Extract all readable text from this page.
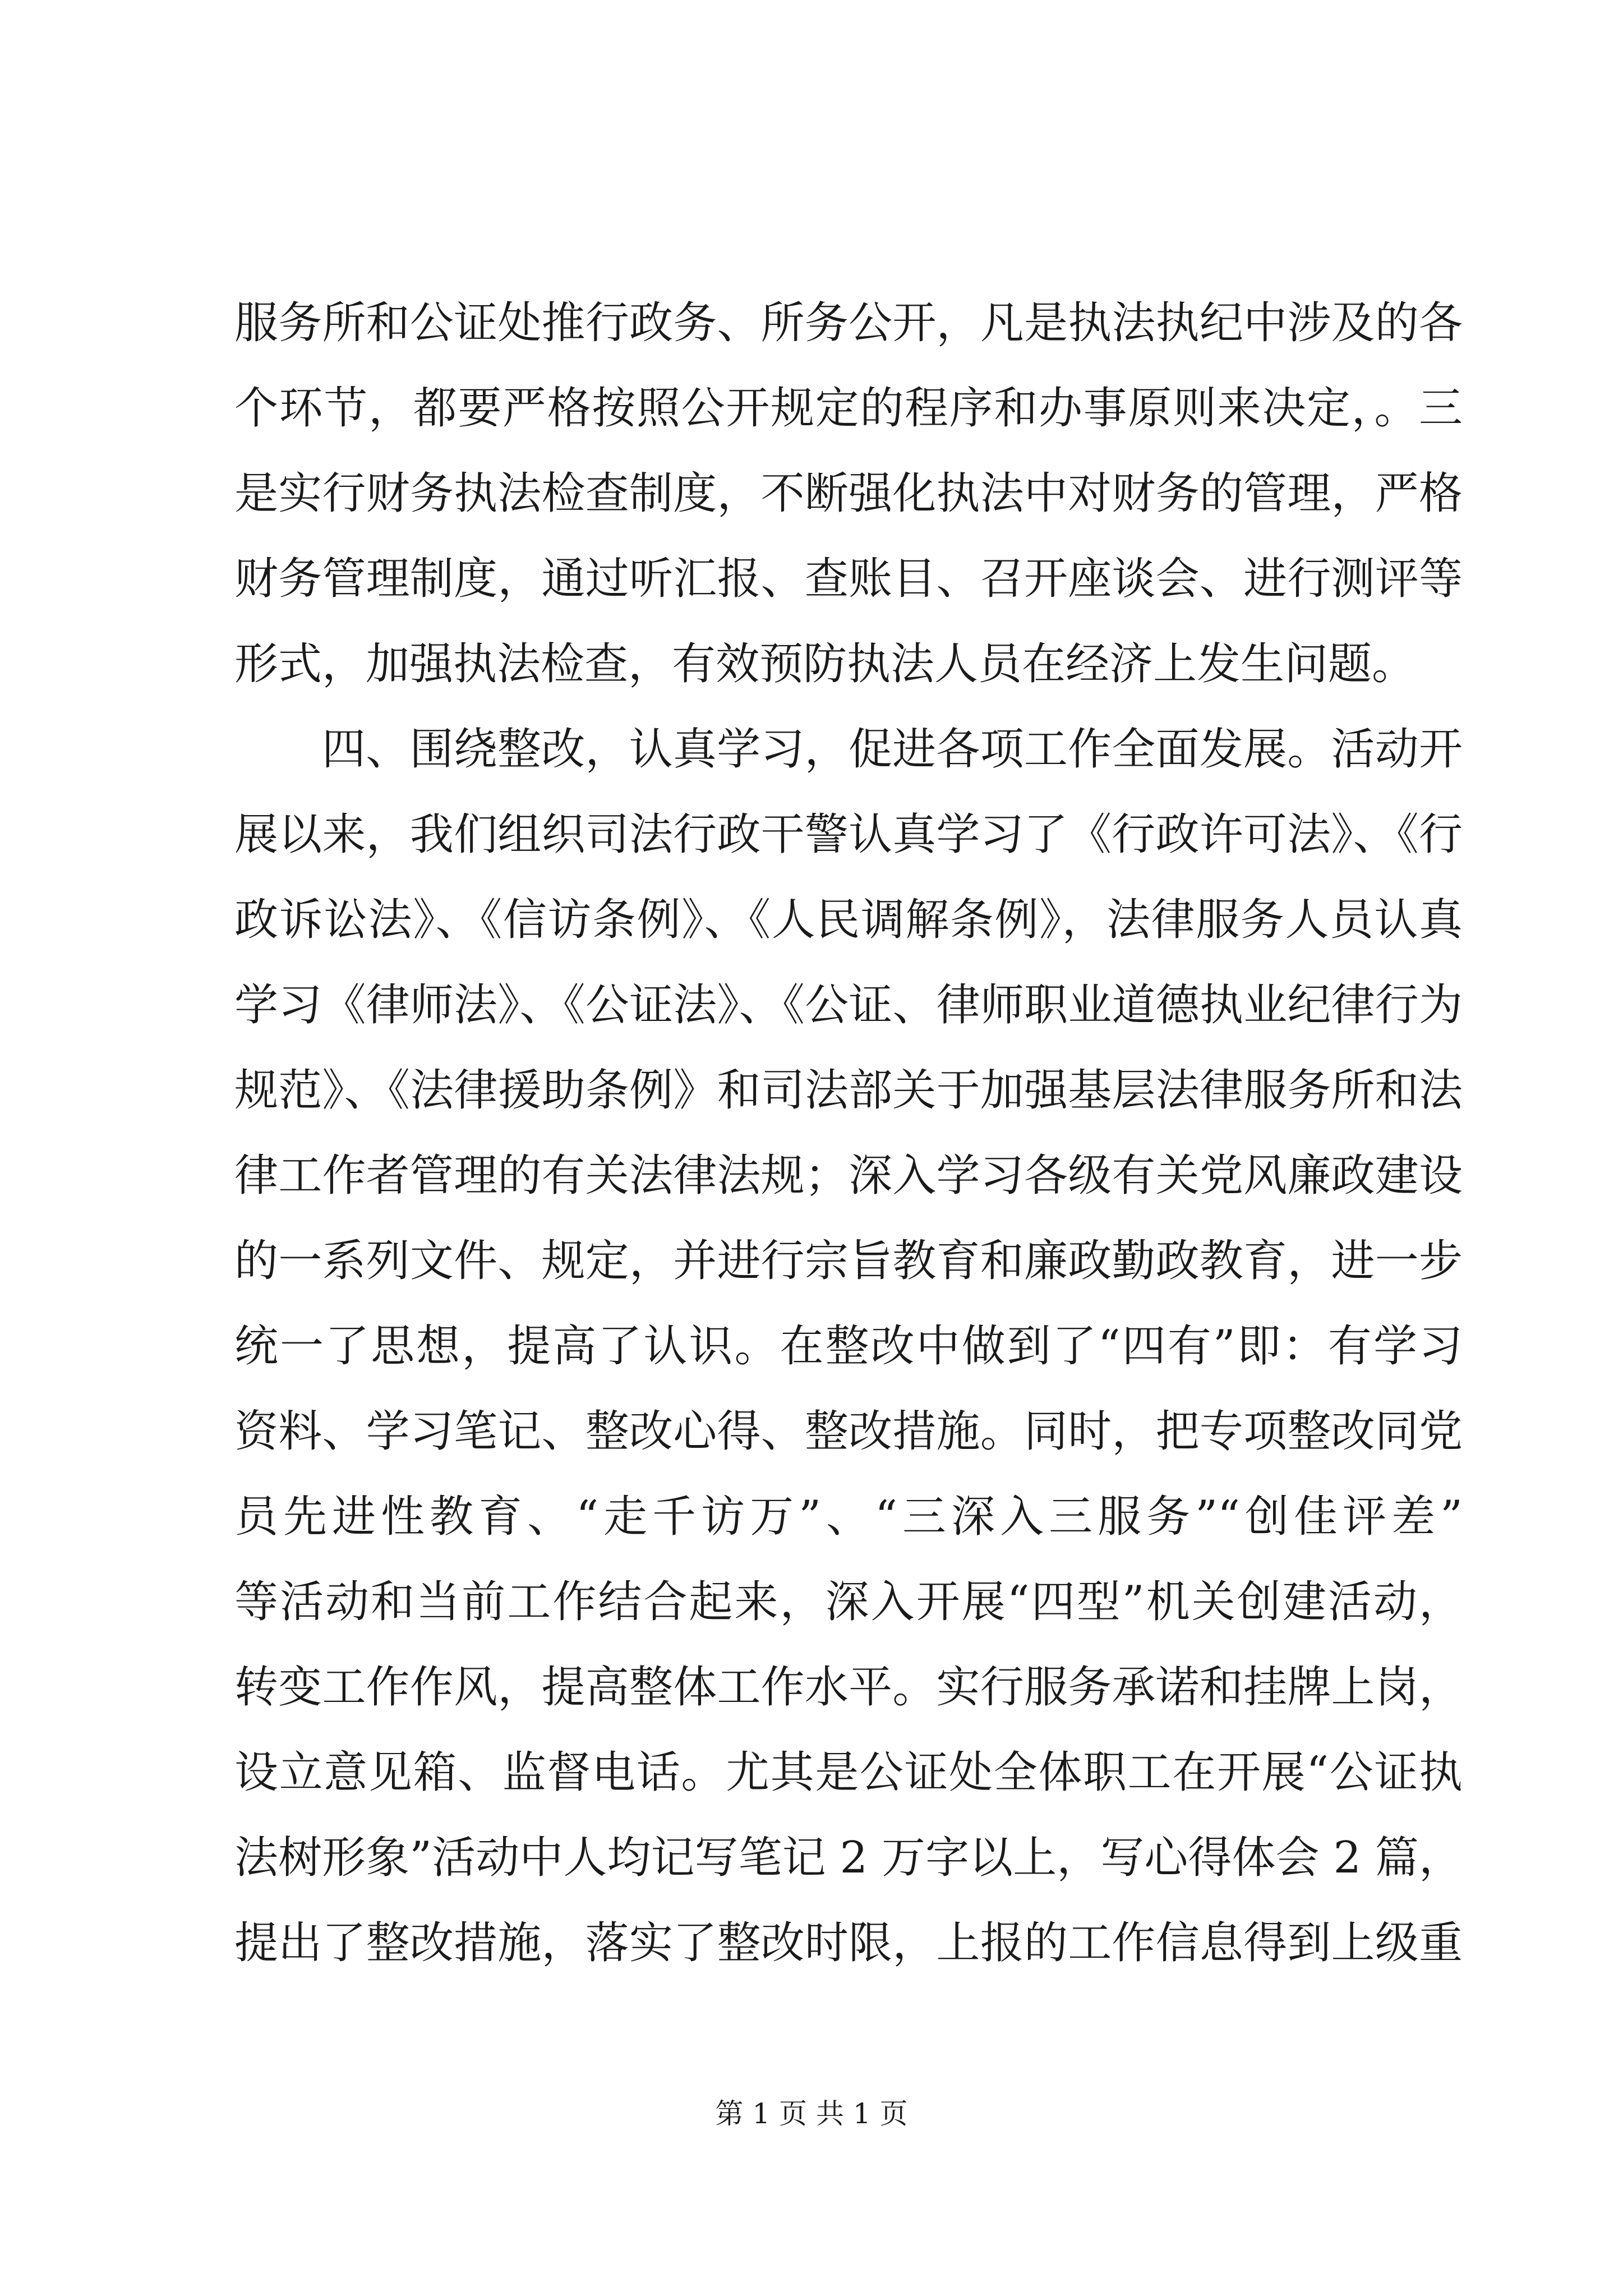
服务所和公证处推行政务、所务公开，凡是执法执纪中涉及的各
个环节，都要严格按照公开规定的程序和办事原则来决定，。三
是实行财务执法检查制度，不断强化执法中对财务的管理，严格
财务管理制度，通过听汇报、查账目、召开座谈会、进行测评等
形式，加强执法检查，有效预防执法人员在经济上发生问题。
四、围绕整改，认真学习，促进各项工作全面发展。活动开
展以来，我们组织司法行政干警认真学习了《行政许可法》、《行
政诉讼法》、《信访条例》、《人民调解条例》，法律服务人员认真
学习《律师法》、《公证法》、《公证、律师职业道德执业纪律行为
规范》、《法律援助条例》和司法部关于加强基层法律服务所和法
律工作者管理的有关法律法规；深入学习各级有关党风廉政建设
的一系列文件、规定，并进行宗旨教育和廉政勤政教育，进一步
统一了思想，提高了认识。在整改中做到了“四有”即：有学习
资料、学习笔记、整改心得、整改措施。同时，把专项整改同党
员先进性教育、“走千访万”、“三深入三服务”“创佳评差”
等活动和当前工作结合起来，深入开展“四型”机关创建活动，
转变工作作风，提高整体工作水平。实行服务承诺和挂牌上岗，
设立意见箱、监督电话。尤其是公证处全体职工在开展“公证执
法树形象”活动中人均记写笔记 2 万字以上，写心得体会 2 篇，
提出了整改措施，落实了整改时限，上报的工作信息得到上级重
第 1 页 共 1 页
